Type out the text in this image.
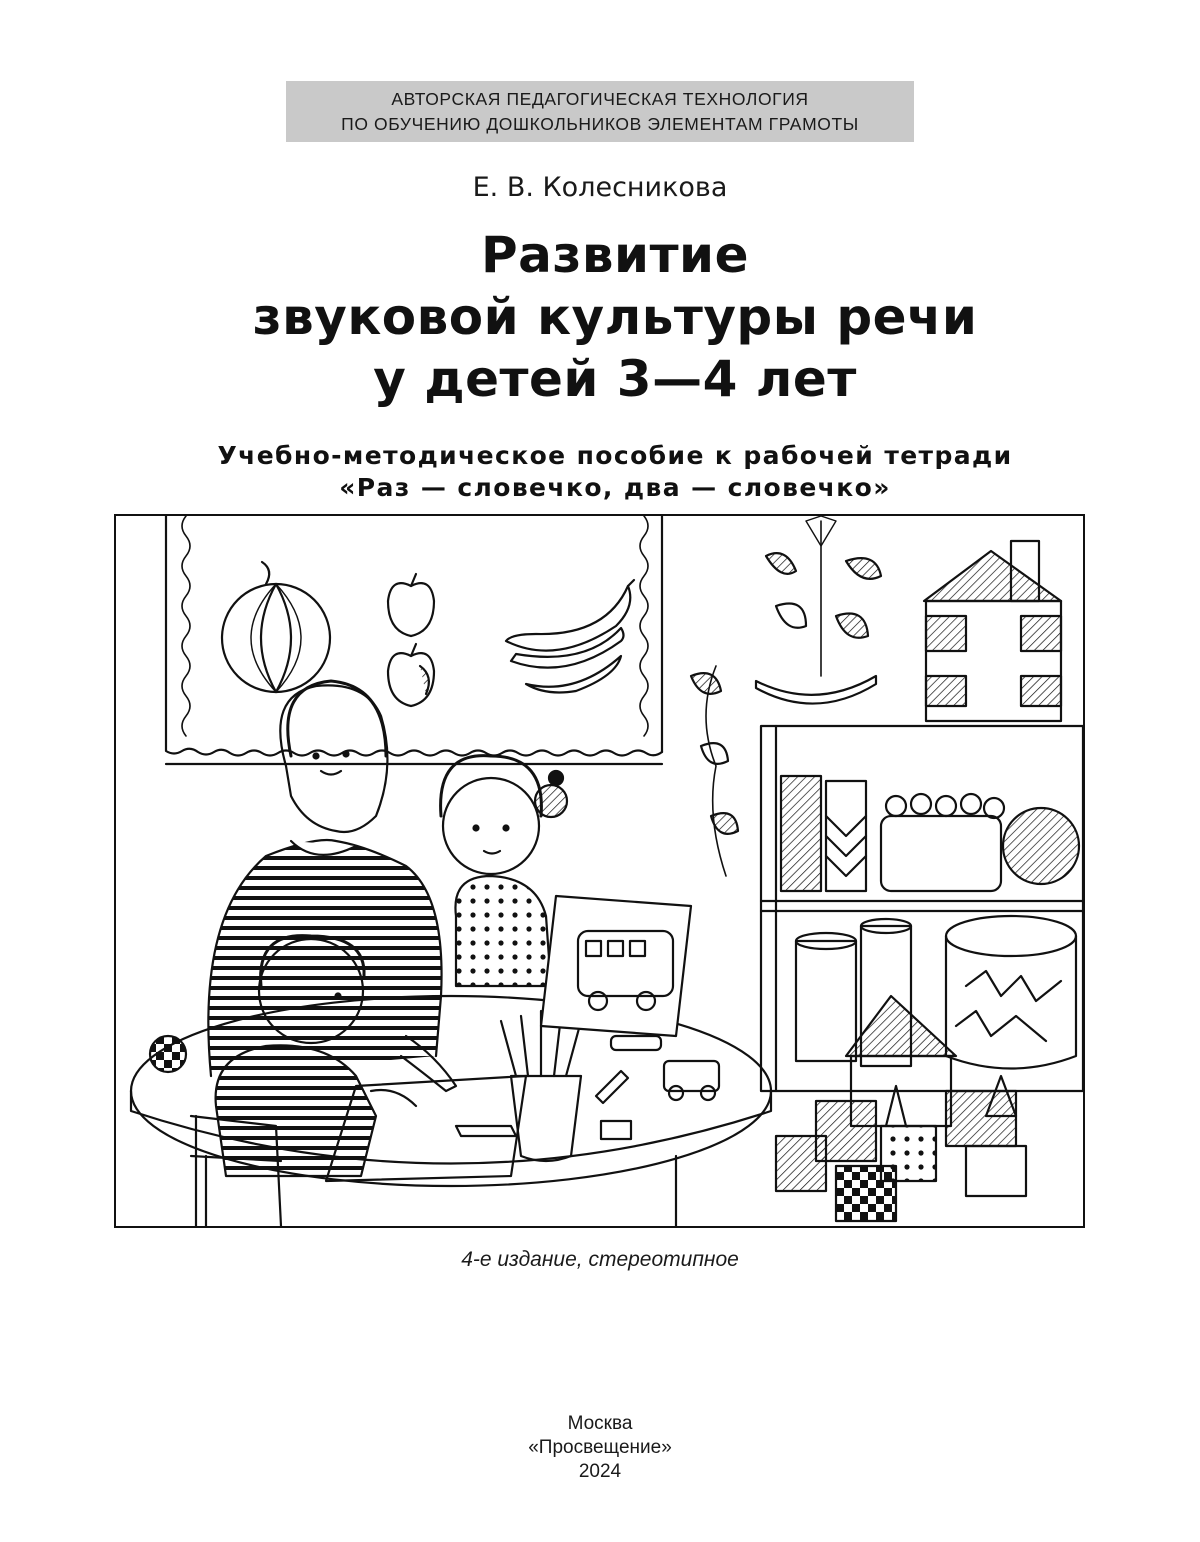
АВТОРСКАЯ ПЕДАГОГИЧЕСКАЯ ТЕХНОЛОГИЯ
ПО ОБУЧЕНИЮ ДОШКОЛЬНИКОВ ЭЛЕМЕНТАМ ГРАМОТЫ
Е. В. Колесникова
Развитие
звуковой культуры речи
у детей 3—4 лет
Учебно-методическое пособие к рабочей тетради
«Раз — словечко, два — словечко»
4-е издание, стереотипное
Москва
«Просвещение»
2024
